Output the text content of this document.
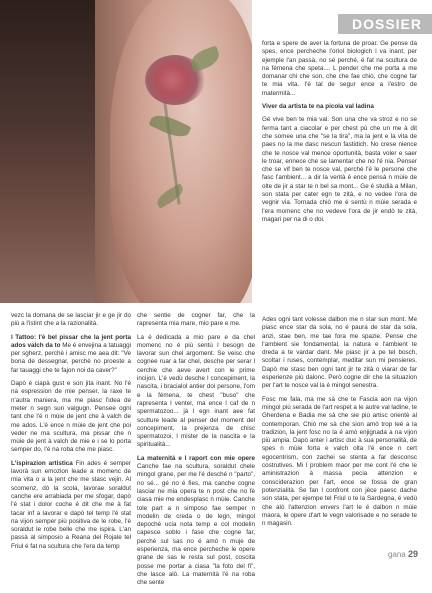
DOSSIER

forta e spere de aver la fortuna de proar. Ge pense da spes, ence percheche l'orìol biologich l va inant, per ejemple l'an passà, no sé perché, é fat na scultura de na fémena che speta.... L pender che me porta a me domanar chi che son, che che fae chiò, che cogne far te mia vita. I'é tal de segur ence a l'estro de matermità...

Viver da artista te na picola val ladina

Gé vive ben te mia val. Son una che va stroz e no se ferma tant a ciacolar e per chest pù che un me à dit che somee una che "se la tira", ma la jent e la vita de paes no la me dasc nescun fastidich. No crese nience che te nosce val mence oportunità, basta voler e saer le troar, ennece che se lamentar che no l'é nia. Penser che se vif ben te nosce val, perché l'é le persone che fasc l'ambient... a dir la verità é ence pensà n mùie de olte de jir a star te n bel sa mont... Ge é studià a Milan, son stata per cater egn te zità, e no vedee l'ora de vegnir via. Tornada chiò me é sentù n mùie serada e l'era momenc che no vedeve l'ora de jir endò te zità, magari per na di o doi.

vezc la domana de se lasciar jir e ge jir do più a l'istint che a la razionalità.

l Tattoo: l'è bel pissar che la jent porta ados valch da to Me é envejina a tatuaggi per sgherz, perchè i amisc me aea dit: "Ve bona de dessegnar, perchè no proeste a far tauaggi che te fajon noi da caver?"

Dapò é ciapà gust e son jita inant. No l'é na espression de mie penser, la raxe te n'autra maniera, ma me piasc l'idea de meter n segn sun valgugn. Pensee ogni tant che l'é n mùie de jent che à valch de me ados. L'é ence n mùie de jent che poi veder ne ma scultura, ma pissar che n mùie de jent à valch de mie e i se lo porta semper do, l'é na roba che me piasc.

L'ispirazion artistica Fin ades é semper lavorà sun emozion leade a momenc de mia vita o a la jent che me stasc vejin. Al scomenz, dò la scola, lavorae soraldut canche ere arrabiada per me sfogar, dapò l'é stat i dolor coche é dit che me à fat tacar inf a lavorar e dapò tel temp l'é stat na vijon semper più positiva de le robe, l'é soraldut le robe belle che me ispira. L'an passà al simposio a Reana del Rojale tel Friul é fat na scultura che l'era da temp

che sentie de cogner far, che la rapresenta mia mare, mio pare e me.

La é dedicada a mio pare e da chel momenc no é più sentù l besogn de lavorar sun chel argoment. Se veisc che cognee ruar a far chel, desche per serar l cerchie che aeve avert con le prime incijon. L'é vedù desche l concepiment, la nascita, i bracialol antier doi persone, l'om e la fémena, te chest "buso" che rapresenta l venter, ma ence l caf de n spermatozoo... jà l egn inant aee fat sculture leade al penser del moment del concepiment, la prejenza de chisc spermatozoi, l mister de la nascita e la spiritualità...

La maternità e l raport con mie opere Canche fae na scultura, soraldut chele mingol grane, per me l'é desché n "parto", no sé... gé no é fies, ma canche cogne lasciar ne mia opera te n post che no fè ciasa mie me endesplasc n mùie. Canche tole part a n simposo fae semper n modelin de creda o de legn, mingol depoché ucia nota temp e col modelin capesce soblo i fase che cogne far, perché sul sas no é amò n muje de esperienza, ma ence percheche le opere grane de sas le resta sul post, coscita posse me portar a ciasa "la foto del fi", che lasce alò. La maternità l'é na roba che sente

Ades ogni tant volesse dalbon me n star sun mont. Me piasc ence star da sola, no é paura de star da sola, anzi, stae ben, me tae fora me spazie. Pense che l'ambient sie fondamental, la natura e l'ambient te dreda a te vardar dant. Me piasc jir a pe tel bosch, scoltar i ruses, contemplar, meditar sun mi pensieres. Dapò me stasc ben ogni tant jir te zità o viarar de far esperienze più dalonc. Però cogne dir che la situazion per l'art te nosce val la é mingol senestra.

Fosc me fala, ma me sà che te Fascia aon na vijon mingol più serada de l'art respet a le autre val ladine, te Gherdena e Badia me sà che sie più artisc orientè al contemporan. Chiò me sà che sion amò trop leé a la tradizion, la jent fosc no la é amò enjignada a na vijon più ampia. Dapò anter i artisc duc à sua personalità, de spes n mùie forta e valch olta l'é ence n cert egocentrism, con zachei se stenta a far desconsc costrutives. Mi l problem maor per me cont l'é che le aministrazion à massa pecia attenzion e consciderazion per l'art, ence se fossa de gran potenzialità. Se fan l confront con jèce paesc dache son stata, per ejempe tel Friul o te la Sardegna, é vedù che alò l'attenzion envers l'art le é dalbon n mùie maora, le opere d'art le vegn valorisade e no serade te n magasin.

gana 29
